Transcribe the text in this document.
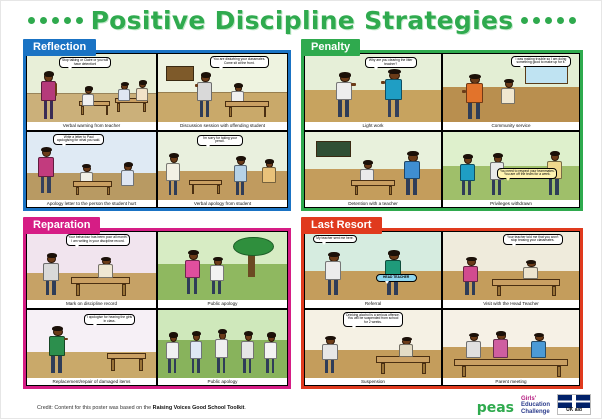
Positive Discipline Strategies
Reflection
Stop talking or Claire or you will have detention!
Verbal warning from teacher
You are disturbing your classmates. Come sit at the front.
Discussion session with offending student
Write a letter to Paul apologising for what you said.
Apology letter to the person the student hurt
I'm sorry for taking your pencil.
Verbal apology from student
Penalty
Why are you clearing the litter teacher?
Light work
I was making trouble so I am doing something good to make up for it.
Community service
Detention with a teacher
You need to respect your teammates. You are off the team for a week.
Privileges withdrawn
Reparation
Your behaviour has been poor all month. I am writing in your discipline record.
Mark on discipline record	Public apology
I apologise for hearing the girls in class.
Replacement/repair of damaged items	Public apology
Last Resort
My teacher sent me here.
HEAD TEACHER
Referral
Your teacher told me that you won't stop teasing your classmates.
Visit with the Head Teacher
Drinking alcohol is a serious offence. You will be suspended from school for 2 weeks.
Suspension	Parent meeting
Credit: Content for this poster was based on the Raising Voices Good School Toolkit.	peas
Girls'
Education
Challenge	UK aid
